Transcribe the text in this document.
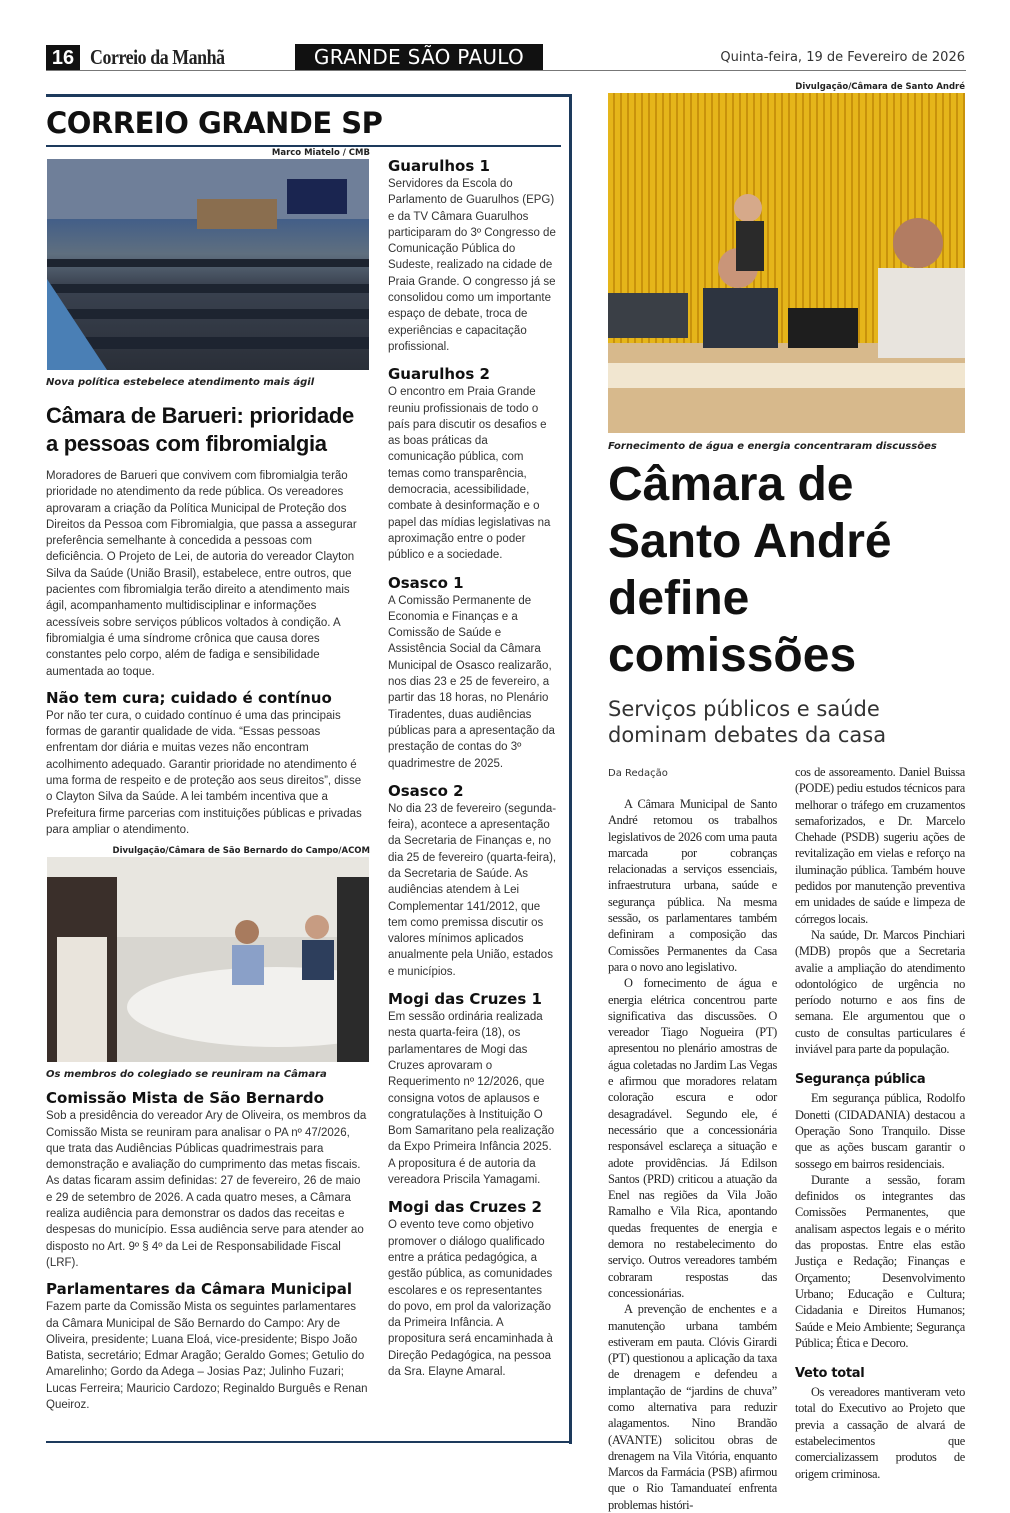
16 Correio da Manhã	GRANDE SÃO PAULO	Quinta-feira, 19 de Fevereiro de 2026
CORREIO GRANDE SP
Marco Miatelo / CMB
Nova política estebelece atendimento mais ágil
Câmara de Barueri: prioridade a pessoas com fibromialgia

Moradores de Barueri que convivem com fibromialgia terão prioridade no atendimento da rede pública. Os vereadores aprovaram a criação da Política Municipal de Proteção dos Direitos da Pessoa com Fibromialgia, que passa a assegurar preferência semelhante à concedida a pessoas com deficiência. O Projeto de Lei, de autoria do vereador Clayton Silva da Saúde (União Brasil), estabelece, entre outros, que pacientes com fibromialgia terão direito a atendimento mais ágil, acompanhamento multidisciplinar e informações acessíveis sobre serviços públicos voltados à condição. A fibromialgia é uma síndrome crônica que causa dores constantes pelo corpo, além de fadiga e sensibilidade aumentada ao toque.

Não tem cura; cuidado é contínuo

Por não ter cura, o cuidado contínuo é uma das principais formas de garantir qualidade de vida. “Essas pessoas enfrentam dor diária e muitas vezes não encontram acolhimento adequado. Garantir prioridade no atendimento é uma forma de respeito e de proteção aos seus direitos”, disse o Clayton Silva da Saúde. A lei também incentiva que a Prefeitura firme parcerias com instituições públicas e privadas para ampliar o atendimento.

Divulgação/Câmara de São Bernardo do Campo/ACOM
Os membros do colegiado se reuniram na Câmara
Comissão Mista de São Bernardo

Sob a presidência do vereador Ary de Oliveira, os membros da Comissão Mista se reuniram para analisar o PA nº 47/2026, que trata das Audiências Públicas quadrimestrais para demonstração e avaliação do cumprimento das metas fiscais. As datas ficaram assim definidas: 27 de fevereiro, 26 de maio e 29 de setembro de 2026. A cada quatro meses, a Câmara realiza audiência para demonstrar os dados das receitas e despesas do município. Essa audiência serve para atender ao disposto no Art. 9º § 4º da Lei de Responsabilidade Fiscal (LRF).

Parlamentares da Câmara Municipal

Fazem parte da Comissão Mista os seguintes parlamentares da Câmara Municipal de São Bernardo do Campo: Ary de Oliveira, presidente; Luana Eloá, vice-presidente; Bispo João Batista, secretário; Edmar Aragão; Geraldo Gomes; Getulio do Amarelinho; Gordo da Adega – Josias Paz; Julinho Fuzari; Lucas Ferreira; Mauricio Cardozo; Reginaldo Burguês e Renan Queiroz.

Guarulhos 1

Servidores da Escola do Parlamento de Guarulhos (EPG) e da TV Câmara Guarulhos participaram do 3º Congresso de Comunicação Pública do Sudeste, realizado na cidade de Praia Grande. O congresso já se consolidou como um importante espaço de debate, troca de experiências e capacitação profissional.

Guarulhos 2

O encontro em Praia Grande reuniu profissionais de todo o país para discutir os desafios e as boas práticas da comunicação pública, com temas como transparência, democracia, acessibilidade, combate à desinformação e o papel das mídias legislativas na aproximação entre o poder público e a sociedade.

Osasco 1

A Comissão Permanente de Economia e Finanças e a Comissão de Saúde e Assistência Social da Câmara Municipal de Osasco realizarão, nos dias 23 e 25 de fevereiro, a partir das 18 horas, no Plenário Tiradentes, duas audiências públicas para a apresentação da prestação de contas do 3º quadrimestre de 2025.

Osasco 2

No dia 23 de fevereiro (segunda-feira), acontece a apresentação da Secretaria de Finanças e, no dia 25 de fevereiro (quarta-feira), da Secretaria de Saúde. As audiências atendem à Lei Complementar 141/2012, que tem como premissa discutir os valores mínimos aplicados anualmente pela União, estados e municípios.

Mogi das Cruzes 1

Em sessão ordinária realizada nesta quarta-feira (18), os parlamentares de Mogi das Cruzes aprovaram o Requerimento nº 12/2026, que consigna votos de aplausos e congratulações à Instituição O Bom Samaritano pela realização da Expo Primeira Infância 2025. A propositura é de autoria da vereadora Priscila Yamagami.

Mogi das Cruzes 2

O evento teve como objetivo promover o diálogo qualificado entre a prática pedagógica, a gestão pública, as comunidades escolares e os representantes do povo, em prol da valorização da Primeira Infância. A propositura será encaminhada à Direção Pedagógica, na pessoa da Sra. Elayne Amaral.

Divulgação/Câmara de Santo André
Fornecimento de água e energia concentraram discussões
Câmara de Santo André define comissões
Serviços públicos e saúde dominam debates da casa
Da Redação

A Câmara Municipal de Santo André retomou os trabalhos legislativos de 2026 com uma pauta marcada por cobranças relacionadas a serviços essenciais, infraestrutura urbana, saúde e segurança pública. Na mesma sessão, os parlamentares também definiram a composição das Comissões Permanentes da Casa para o novo ano legislativo.

O fornecimento de água e energia elétrica concentrou parte significativa das discussões. O vereador Tiago Nogueira (PT) apresentou no plenário amostras de água coletadas no Jardim Las Vegas e afirmou que moradores relatam coloração escura e odor desagradável. Segundo ele, é necessário que a concessionária responsável esclareça a situação e adote providências. Já Edilson Santos (PRD) criticou a atuação da Enel nas regiões da Vila João Ramalho e Vila Rica, apontando quedas frequentes de energia e demora no restabelecimento do serviço. Outros vereadores também cobraram respostas das concessionárias.

A prevenção de enchentes e a manutenção urbana também estiveram em pauta. Clóvis Girardi (PT) questionou a aplicação da taxa de drenagem e defendeu a implantação de “jardins de chuva” como alternativa para reduzir alagamentos. Nino Brandão (AVANTE) solicitou obras de drenagem na Vila Vitória, enquanto Marcos da Farmácia (PSB) afirmou que o Rio Tamanduateí enfrenta problemas históri-

cos de assoreamento. Daniel Buissa (PODE) pediu estudos técnicos para melhorar o tráfego em cruzamentos semaforizados, e Dr. Marcelo Chehade (PSDB) sugeriu ações de revitalização em vielas e reforço na iluminação pública. Também houve pedidos por manutenção preventiva em unidades de saúde e limpeza de córregos locais.

Na saúde, Dr. Marcos Pinchiari (MDB) propôs que a Secretaria avalie a ampliação do atendimento odontológico de urgência no período noturno e aos fins de semana. Ele argumentou que o custo de consultas particulares é inviável para parte da população.

Segurança pública

Em segurança pública, Rodolfo Donetti (CIDADANIA) destacou a Operação Sono Tranquilo. Disse que as ações buscam garantir o sossego em bairros residenciais.

Durante a sessão, foram definidos os integrantes das Comissões Permanentes, que analisam aspectos legais e o mérito das propostas. Entre elas estão Justiça e Redação; Finanças e Orçamento; Desenvolvimento Urbano; Educação e Cultura; Cidadania e Direitos Humanos; Saúde e Meio Ambiente; Segurança Pública; Ética e Decoro.

Veto total

Os vereadores mantiveram veto total do Executivo ao Projeto que previa a cassação de alvará de estabelecimentos que comercializassem produtos de origem criminosa.
